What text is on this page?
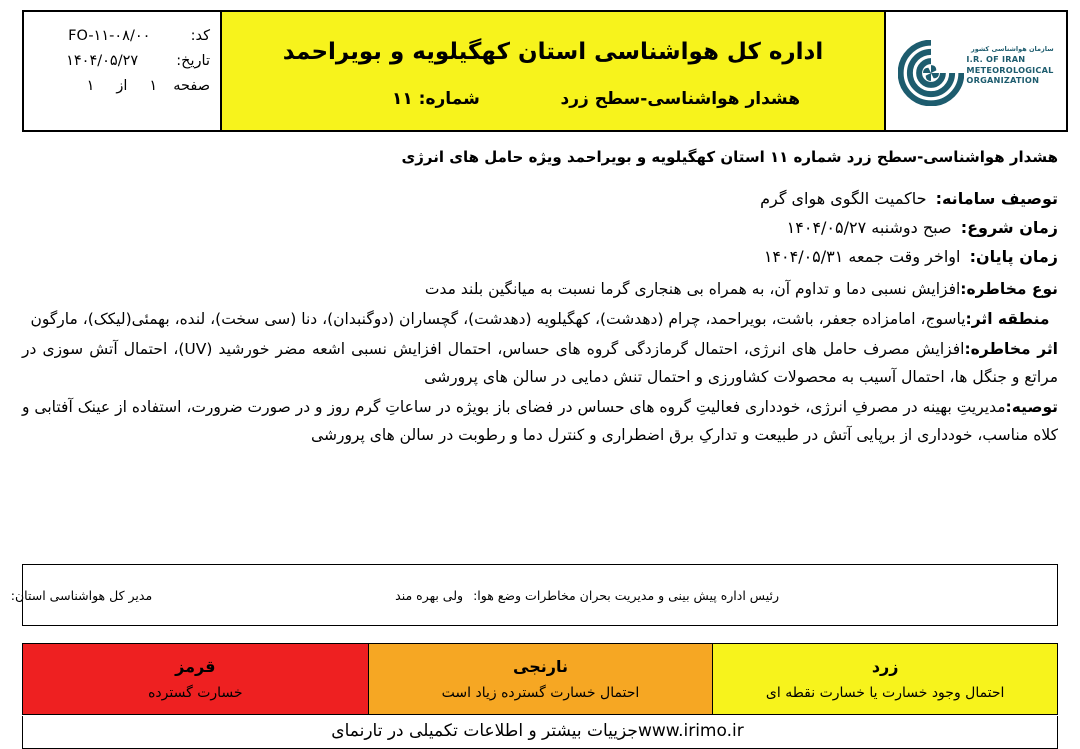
کد:
FO-۱۱-۰۸/۰۰
تاریخ:
۱۴۰۴/۰۵/۲۷
صفحه
۱
از
۱
اداره کل هواشناسی استان کهگیلویه و بویراحمد
هشدار هواشناسی-سطح زرد
شماره: ۱۱
سازمان هواشناسی کشور
I.R. OF IRAN
METEOROLOGICAL
ORGANIZATION
هشدار هواشناسی-سطح زرد شماره ۱۱ استان کهگیلویه و بویراحمد ویژه حامل های انرژی
توصیف سامانه: حاکمیت الگوی هوای گرم
زمان شروع: صبح دوشنبه ۱۴۰۴/۰۵/۲۷
زمان پایان: اواخر وقت جمعه ۱۴۰۴/۰۵/۳۱
نوع مخاطره:افزایش نسبی دما و تداوم آن، به همراه بی هنجاری گرما نسبت به میانگین بلند مدت
منطقه اثر:یاسوج، امامزاده جعفر، باشت، بویراحمد، چرام (دهدشت)، کهگیلویه (دهدشت)، گچساران (دوگنبدان)، دنا (سی سخت)، لنده، بهمئی(لیکک)، مارگون
اثر مخاطره:افزایش مصرف حامل های انرژی، احتمال گرمازدگی گروه های حساس، احتمال افزایش نسبی اشعه مضر خورشید (UV)، احتمال آتش سوزی در مراتع و جنگل ها، احتمال آسیب به محصولات کشاورزی و احتمال تنش دمایی در سالن های پرورشی
توصیه:مدیریتِ بهینه در مصرفِ انرژی، خودداری فعالیتِ گروه های حساس در فضای باز بویژه در ساعاتِ گرم روز و در صورت ضرورت، استفاده از عینک آفتابی و کلاه مناسب، خودداری از برپایی آتش در طبیعت و تدارکِ برق اضطراری و کنترل دما و رطوبت در سالن های پرورشی
رئیس اداره پیش بینی و مدیریت بحران مخاطرات وضع هوا: ولی بهره مند
مدیر کل هواشناسی استان:
زرد
احتمال وجود خسارت یا خسارت نقطه ای
نارنجی
احتمال خسارت گسترده زیاد است
قرمز
خسارت گسترده
www.irimo.irجزییات بیشتر و اطلاعات تکمیلی در تارنمای
